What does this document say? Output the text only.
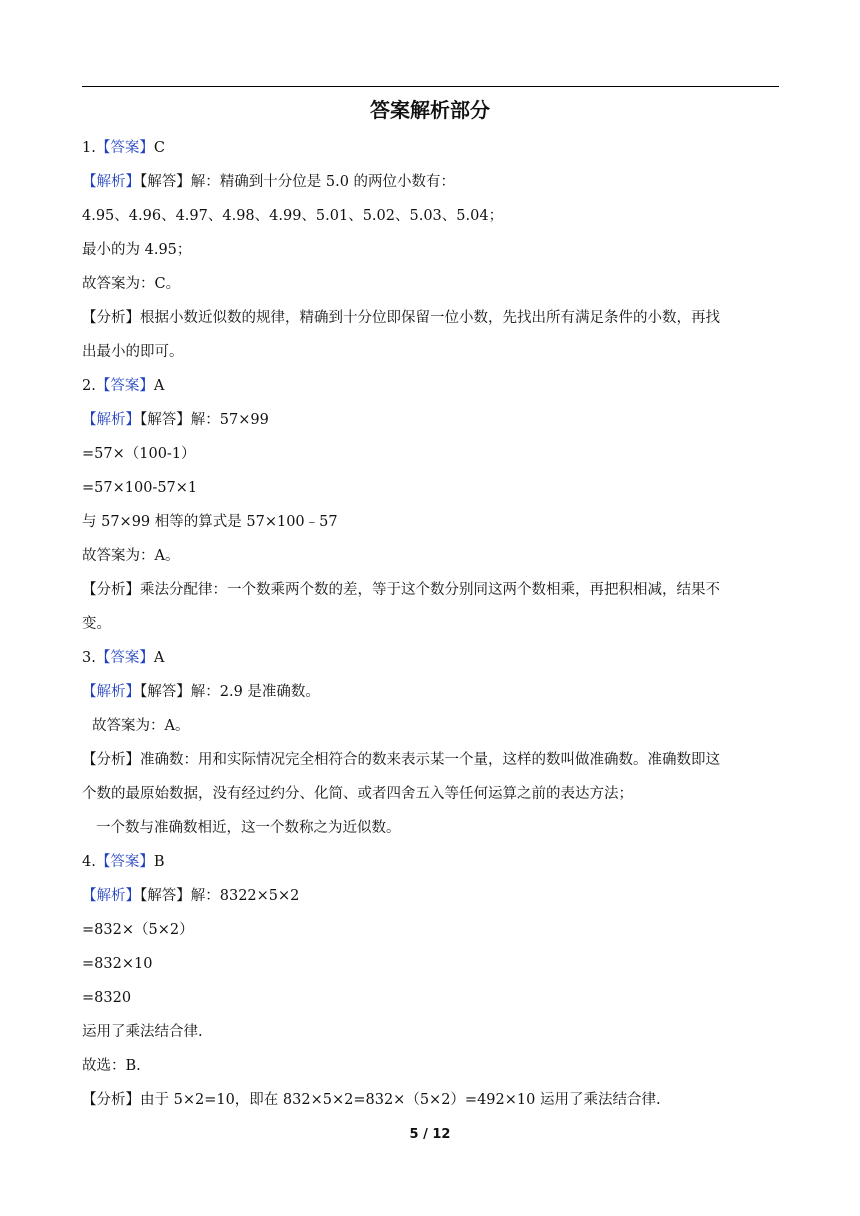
答案解析部分
1.【答案】C
【解析】【解答】解：精确到十分位是 5.0 的两位小数有：
4.95、4.96、4.97、4.98、4.99、5.01、5.02、5.03、5.04；
最小的为 4.95；
故答案为：C。
【分析】根据小数近似数的规律，精确到十分位即保留一位小数，先找出所有满足条件的小数，再找
出最小的即可。
2.【答案】A
【解析】【解答】解：57×99
=57×（100-1）
=57×100-57×1
与 57×99 相等的算式是 57×100﹣57
故答案为：A。
【分析】乘法分配律：一个数乘两个数的差，等于这个数分别同这两个数相乘，再把积相减，结果不
变。
3.【答案】A
【解析】【解答】解：2.9 是准确数。
故答案为：A。
【分析】准确数：用和实际情况完全相符合的数来表示某一个量，这样的数叫做准确数。准确数即这
个数的最原始数据，没有经过约分、化简、或者四舍五入等任何运算之前的表达方法；
一个数与准确数相近，这一个数称之为近似数。
4.【答案】B
【解析】【解答】解：8322×5×2
=832×（5×2）
=832×10
=8320
运用了乘法结合律.
故选：B.
【分析】由于 5×2=10，即在 832×5×2=832×（5×2）=492×10 运用了乘法结合律.
5 / 12
